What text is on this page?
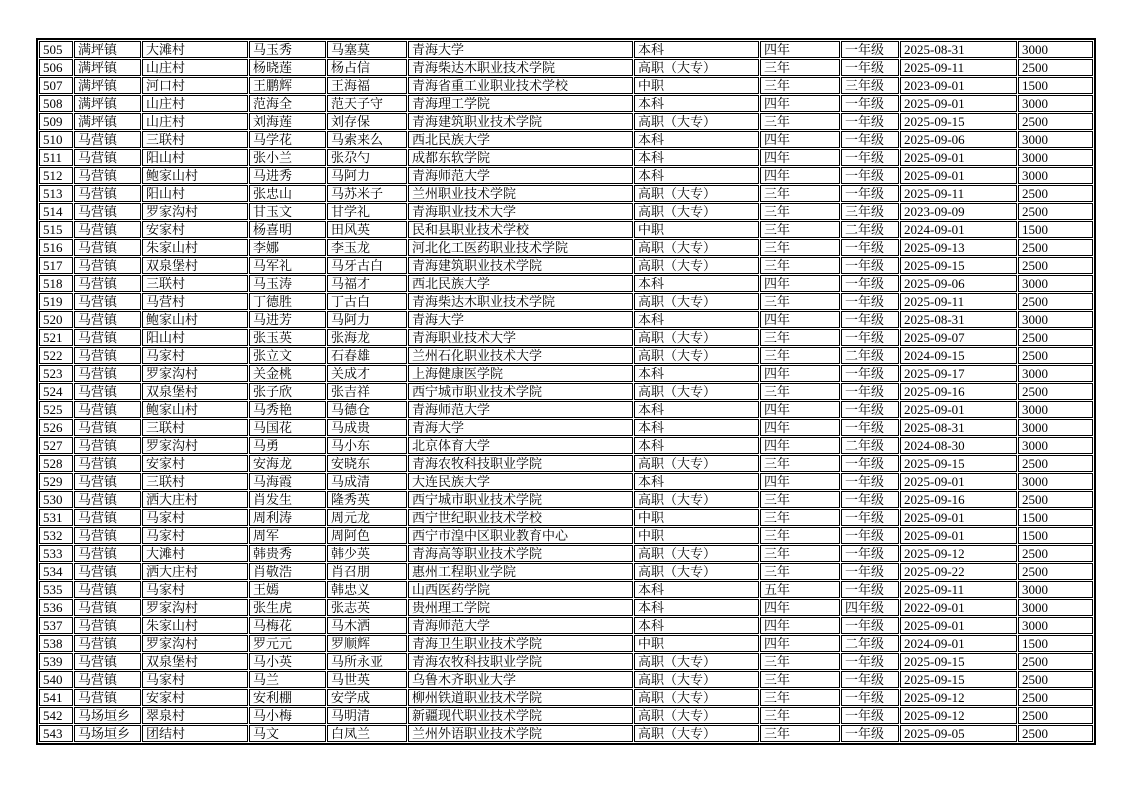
505	满坪镇	大滩村	马玉秀	马塞莫	青海大学	本科	四年	一年级	2025-08-31	3000
506	满坪镇	山庄村	杨晓莲	杨占信	青海柴达木职业技术学院	高职（大专）	三年	一年级	2025-09-11	2500
507	满坪镇	河口村	王鹏辉	王海福	青海省重工业职业技术学校	中职	三年	三年级	2023-09-01	1500
508	满坪镇	山庄村	范海全	范天子守	青海理工学院	本科	四年	一年级	2025-09-01	3000
509	满坪镇	山庄村	刘海莲	刘存保	青海建筑职业技术学院	高职（大专）	三年	一年级	2025-09-15	2500
510	马营镇	三联村	马学花	马索来么	西北民族大学	本科	四年	一年级	2025-09-06	3000
511	马营镇	阳山村	张小兰	张尕勺	成都东软学院	本科	四年	一年级	2025-09-01	3000
512	马营镇	鲍家山村	马进秀	马阿力	青海师范大学	本科	四年	一年级	2025-09-01	3000
513	马营镇	阳山村	张忠山	马苏米子	兰州职业技术学院	高职（大专）	三年	一年级	2025-09-11	2500
514	马营镇	罗家沟村	甘玉文	甘学礼	青海职业技术大学	高职（大专）	三年	三年级	2023-09-09	2500
515	马营镇	安家村	杨喜明	田风英	民和县职业技术学校	中职	三年	二年级	2024-09-01	1500
516	马营镇	朱家山村	李娜	李玉龙	河北化工医药职业技术学院	高职（大专）	三年	一年级	2025-09-13	2500
517	马营镇	双泉堡村	马军礼	马牙古白	青海建筑职业技术学院	高职（大专）	三年	一年级	2025-09-15	2500
518	马营镇	三联村	马玉涛	马福才	西北民族大学	本科	四年	一年级	2025-09-06	3000
519	马营镇	马营村	丁德胜	丁古白	青海柴达木职业技术学院	高职（大专）	三年	一年级	2025-09-11	2500
520	马营镇	鲍家山村	马进芳	马阿力	青海大学	本科	四年	一年级	2025-08-31	3000
521	马营镇	阳山村	张玉英	张海龙	青海职业技术大学	高职（大专）	三年	一年级	2025-09-07	2500
522	马营镇	马家村	张立文	石春雄	兰州石化职业技术大学	高职（大专）	三年	二年级	2024-09-15	2500
523	马营镇	罗家沟村	关金桃	关成才	上海健康医学院	本科	四年	一年级	2025-09-17	3000
524	马营镇	双泉堡村	张子欣	张吉祥	西宁城市职业技术学院	高职（大专）	三年	一年级	2025-09-16	2500
525	马营镇	鲍家山村	马秀艳	马德仓	青海师范大学	本科	四年	一年级	2025-09-01	3000
526	马营镇	三联村	马国花	马成贵	青海大学	本科	四年	一年级	2025-08-31	3000
527	马营镇	罗家沟村	马勇	马小东	北京体育大学	本科	四年	二年级	2024-08-30	3000
528	马营镇	安家村	安海龙	安晓东	青海农牧科技职业学院	高职（大专）	三年	一年级	2025-09-15	2500
529	马营镇	三联村	马海霞	马成清	大连民族大学	本科	四年	一年级	2025-09-01	3000
530	马营镇	洒大庄村	肖发生	隆秀英	西宁城市职业技术学院	高职（大专）	三年	一年级	2025-09-16	2500
531	马营镇	马家村	周利涛	周元龙	西宁世纪职业技术学校	中职	三年	一年级	2025-09-01	1500
532	马营镇	马家村	周军	周阿色	西宁市湟中区职业教育中心	中职	三年	一年级	2025-09-01	1500
533	马营镇	大滩村	韩贵秀	韩少英	青海高等职业技术学院	高职（大专）	三年	一年级	2025-09-12	2500
534	马营镇	洒大庄村	肖敬浩	肖召朋	惠州工程职业学院	高职（大专）	三年	一年级	2025-09-22	2500
535	马营镇	马家村	王嫣	韩忠义	山西医药学院	本科	五年	一年级	2025-09-11	3000
536	马营镇	罗家沟村	张生虎	张志英	贵州理工学院	本科	四年	四年级	2022-09-01	3000
537	马营镇	朱家山村	马梅花	马木洒	青海师范大学	本科	四年	一年级	2025-09-01	3000
538	马营镇	罗家沟村	罗元元	罗顺辉	青海卫生职业技术学院	中职	四年	二年级	2024-09-01	1500
539	马营镇	双泉堡村	马小英	马所永亚	青海农牧科技职业学院	高职（大专）	三年	一年级	2025-09-15	2500
540	马营镇	马家村	马兰	马世英	乌鲁木齐职业大学	高职（大专）	三年	一年级	2025-09-15	2500
541	马营镇	安家村	安利棚	安学成	柳州铁道职业技术学院	高职（大专）	三年	一年级	2025-09-12	2500
542	马场垣乡	翠泉村	马小梅	马明清	新疆现代职业技术学院	高职（大专）	三年	一年级	2025-09-12	2500
543	马场垣乡	团结村	马文	白凤兰	兰州外语职业技术学院	高职（大专）	三年	一年级	2025-09-05	2500
